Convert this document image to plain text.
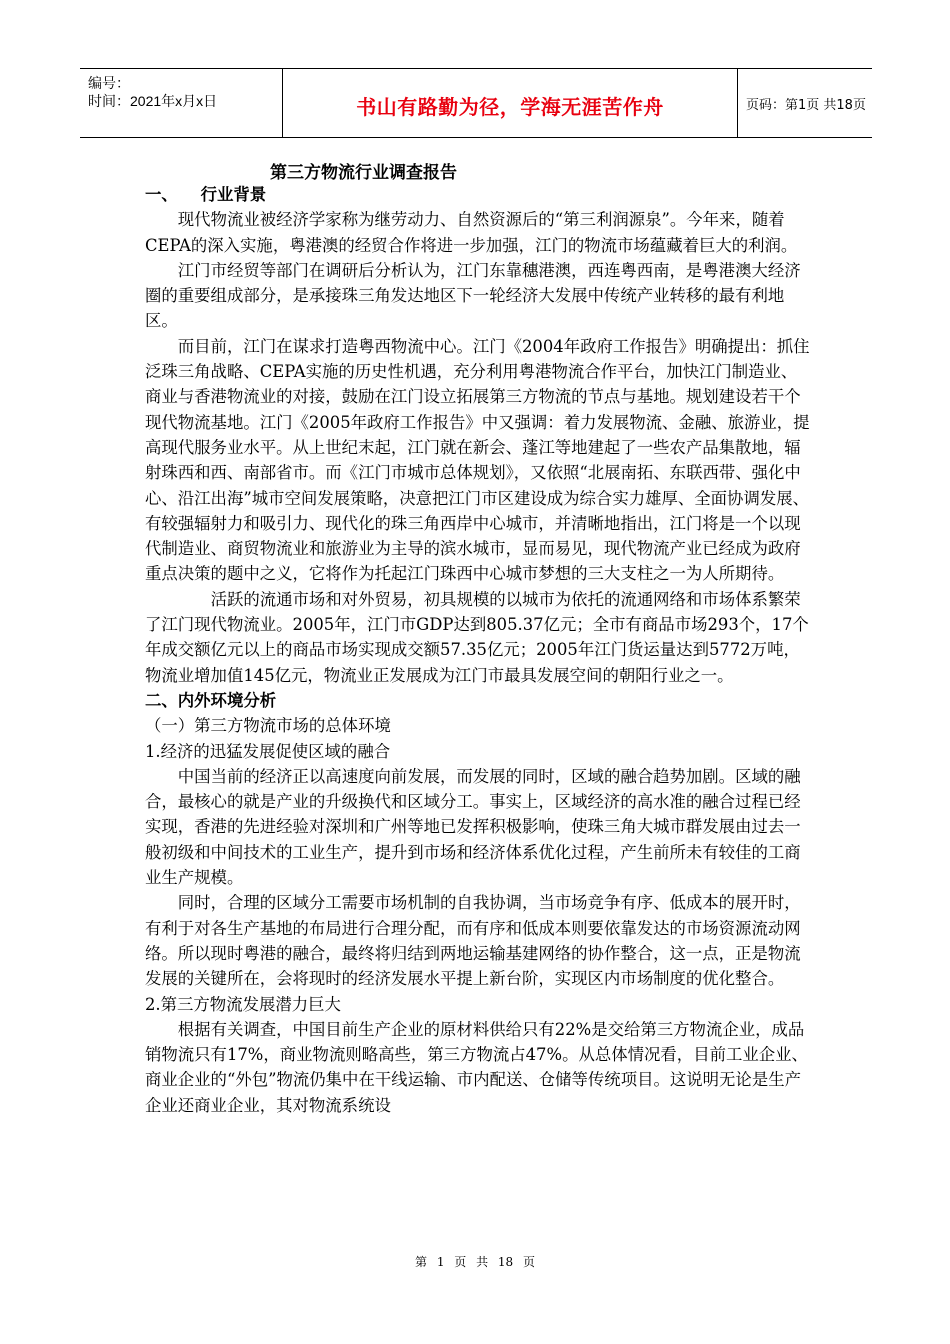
编号：
时间：2021年x月x日	书山有路勤为径，学海无涯苦作舟	页码：第1页 共18页
第三方物流行业调查报告

一、    行业背景

现代物流业被经济学家称为继劳动力、自然资源后的“第三利润源泉”。今年来，随着CEPA的深入实施，粤港澳的经贸合作将进一步加强，江门的物流市场蕴藏着巨大的利润。

江门市经贸等部门在调研后分析认为，江门东靠穗港澳，西连粤西南，是粤港澳大经济圈的重要组成部分，是承接珠三角发达地区下一轮经济大发展中传统产业转移的最有利地区。

而目前，江门在谋求打造粤西物流中心。江门《2004年政府工作报告》明确提出：抓住泛珠三角战略、CEPA实施的历史性机遇，充分利用粤港物流合作平台，加快江门制造业、商业与香港物流业的对接，鼓励在江门设立拓展第三方物流的节点与基地。规划建设若干个现代物流基地。江门《2005年政府工作报告》中又强调：着力发展物流、金融、旅游业，提高现代服务业水平。从上世纪末起，江门就在新会、蓬江等地建起了一些农产品集散地，辐射珠西和西、南部省市。而《江门市城市总体规划》，又依照“北展南拓、东联西带、强化中心、沿江出海”城市空间发展策略，决意把江门市区建设成为综合实力雄厚、全面协调发展、有较强辐射力和吸引力、现代化的珠三角西岸中心城市，并清晰地指出，江门将是一个以现代制造业、商贸物流业和旅游业为主导的滨水城市，显而易见，现代物流产业已经成为政府重点决策的题中之义，它将作为托起江门珠西中心城市梦想的三大支柱之一为人所期待。

活跃的流通市场和对外贸易，初具规模的以城市为依托的流通网络和市场体系繁荣了江门现代物流业。2005年，江门市GDP达到805.37亿元；全市有商品市场293个，17个年成交额亿元以上的商品市场实现成交额57.35亿元；2005年江门货运量达到5772万吨，物流业增加值145亿元，物流业正发展成为江门市最具发展空间的朝阳行业之一。

二、内外环境分析

（一）第三方物流市场的总体环境

1.经济的迅猛发展促使区域的融合

中国当前的经济正以高速度向前发展，而发展的同时，区域的融合趋势加剧。区域的融合，最核心的就是产业的升级换代和区域分工。事实上，区域经济的高水准的融合过程已经实现，香港的先进经验对深圳和广州等地已发挥积极影响，使珠三角大城市群发展由过去一般初级和中间技术的工业生产，提升到市场和经济体系优化过程，产生前所未有较佳的工商业生产规模。

同时，合理的区域分工需要市场机制的自我协调，当市场竞争有序、低成本的展开时，有利于对各生产基地的布局进行合理分配，而有序和低成本则要依靠发达的市场资源流动网络。所以现时粤港的融合，最终将归结到两地运输基建网络的协作整合，这一点，正是物流发展的关键所在，会将现时的经济发展水平提上新台阶，实现区内市场制度的优化整合。

2.第三方物流发展潜力巨大

根据有关调查，中国目前生产企业的原材料供给只有22%是交给第三方物流企业，成品销物流只有17%，商业物流则略高些，第三方物流占47%。从总体情况看，目前工业企业、商业企业的“外包”物流仍集中在干线运输、市内配送、仓储等传统项目。这说明无论是生产企业还商业企业，其对物流系统设

第 1 页 共 18 页
